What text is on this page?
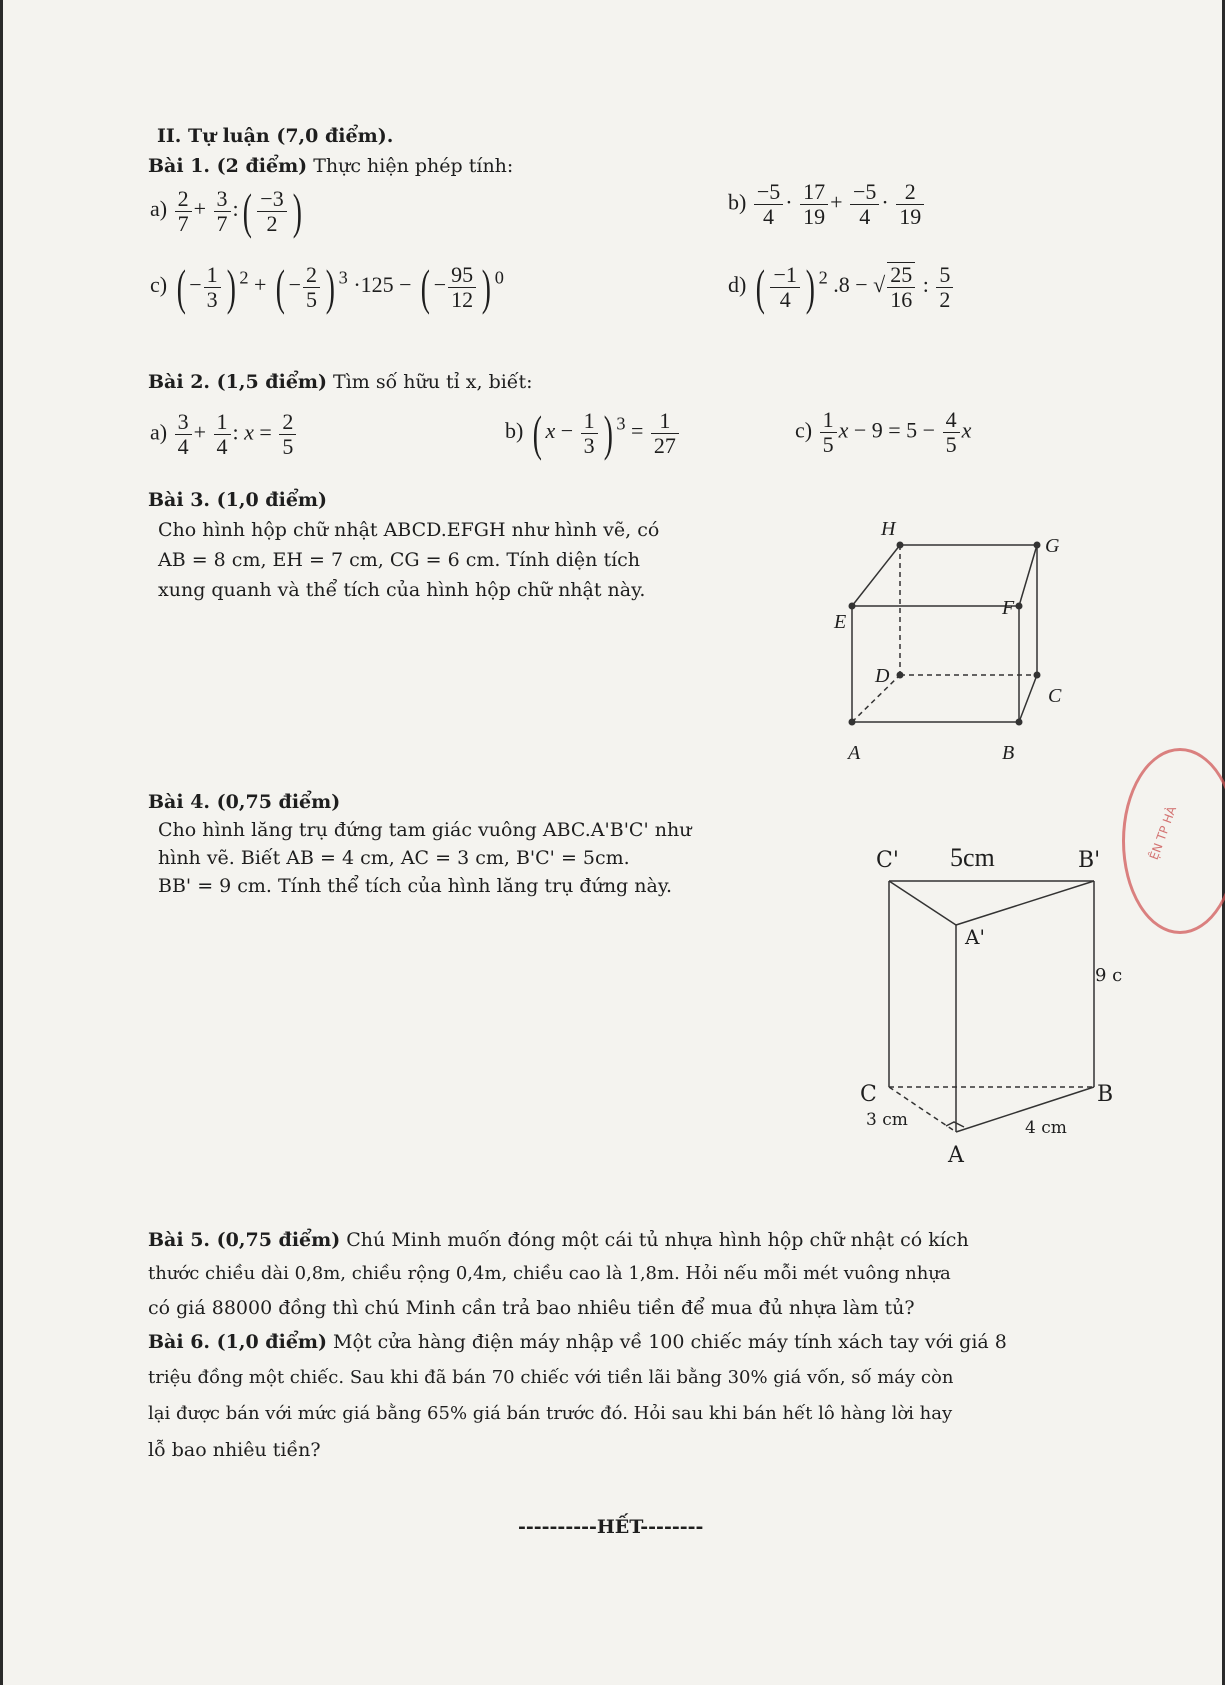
II. Tự luận (7,0 điểm).
Bài 1. (2 điểm) Thực hiện phép tính:
$a) \frac{2}{7} + \frac{3}{7}$ :( $\frac{-3}{2}$ )	$b) \frac{-5}{4} \cdot \frac{17}{19} + \frac{-5}{4} \cdot \frac{2}{19}$
c) ( − $\frac{1}{3}$ ) $^2$ + ( − $\frac{2}{5}$ ) $^3$ ·125 − ( − $\frac{95}{12}$ ) $^0$	d) ( $\frac{-1}{4}$ ) $^2$ .8 − √ $\frac{25}{16}$ : $\frac{5}{2}$
Bài 2. (1,5 điểm) Tìm số hữu tỉ x, biết:
$a) \frac{3}{4} + \frac{1}{4}$ : $x = \frac{2}{5}$	b) ( $x - \frac{1}{3}$ ) $^3 = \frac{1}{27}$	$c) \frac{1}{5}$ $x - 9 = 5 - \frac{4}{5}$ x
Bài 3. (1,0 điểm)
Cho hình hộp chữ nhật ABCD.EFGH như hình vẽ, có
AB = 8 cm, EH = 7 cm, CG = 6 cm. Tính diện tích
xung quanh và thể tích của hình hộp chữ nhật này.
H
G
E
F
D
C
A	B
Bài 4. (0,75 điểm)
Cho hình lăng trụ đứng tam giác vuông ABC.A'B'C' như
hình vẽ. Biết AB = 4 cm, AC = 3 cm, B'C' = 5cm.
BB' = 9 cm. Tính thể tích của hình lăng trụ đứng này.
C' 5cm	B'
A'
9 c
C	B
3 cm	4 cm
A
ỆN TP HÀ
Bài 5. (0,75 điểm) Chú Minh muốn đóng một cái tủ nhựa hình hộp chữ nhật có kích
thước chiều dài 0,8m, chiều rộng 0,4m, chiều cao là 1,8m. Hỏi nếu mỗi mét vuông nhựa
có giá 88000 đồng thì chú Minh cần trả bao nhiêu tiền để mua đủ nhựa làm tủ?
Bài 6. (1,0 điểm) Một cửa hàng điện máy nhập về 100 chiếc máy tính xách tay với giá 8
triệu đồng một chiếc. Sau khi đã bán 70 chiếc với tiền lãi bằng 30% giá vốn, số máy còn
lại được bán với mức giá bằng 65% giá bán trước đó. Hỏi sau khi bán hết lô hàng lời hay
lỗ bao nhiêu tiền?
----------HẾT--------
